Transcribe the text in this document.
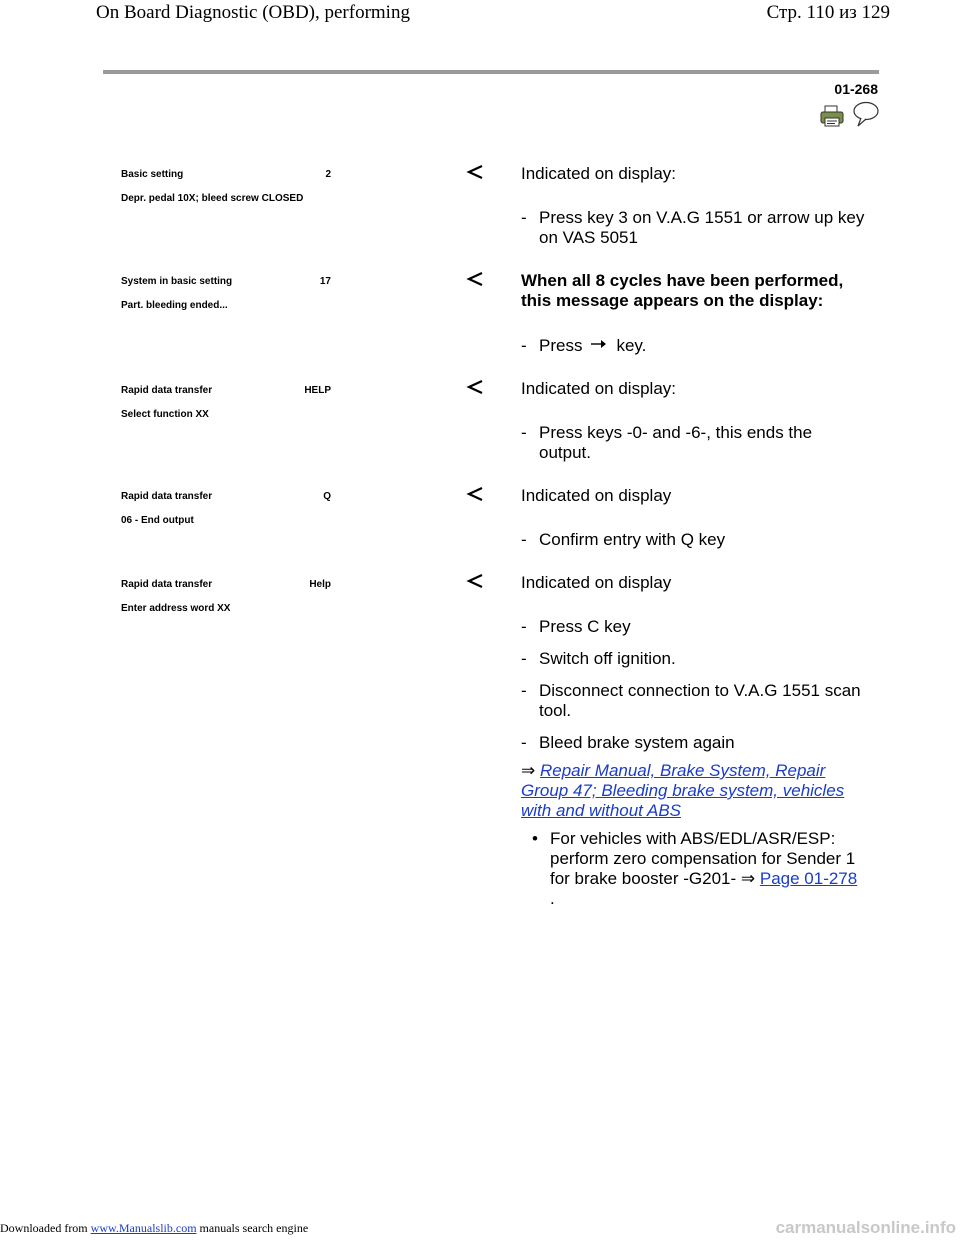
On Board Diagnostic (OBD), performing	Стр. 110 из 129
01-268
Basic setting	2
Depr. pedal 10X; bleed screw CLOSED
Indicated on display:
- Press key 3 on V.A.G 1551 or arrow up key on VAS 5051
System in basic setting	17
Part. bleeding ended...
When all 8 cycles have been performed, this message appears on the display:
- Press key.
Rapid data transfer	HELP
Select function XX
Indicated on display:
- Press keys -0- and -6-, this ends the output.
Rapid data transfer	Q
06 - End output
Indicated on display
- Confirm entry with Q key
Rapid data transfer	Help
Enter address word XX
Indicated on display
- Press C key
- Switch off ignition.
- Disconnect connection to V.A.G 1551 scan tool.
- Bleed brake system again
⇒ Repair Manual, Brake System, Repair Group 47; Bleeding brake system, vehicles with and without ABS
• For vehicles with ABS/EDL/ASR/ESP: perform zero compensation for Sender 1 for brake booster -G201- ⇒ Page 01-278 .
Downloaded from www.Manualslib.com manuals search engine	carmanualsonline.info
